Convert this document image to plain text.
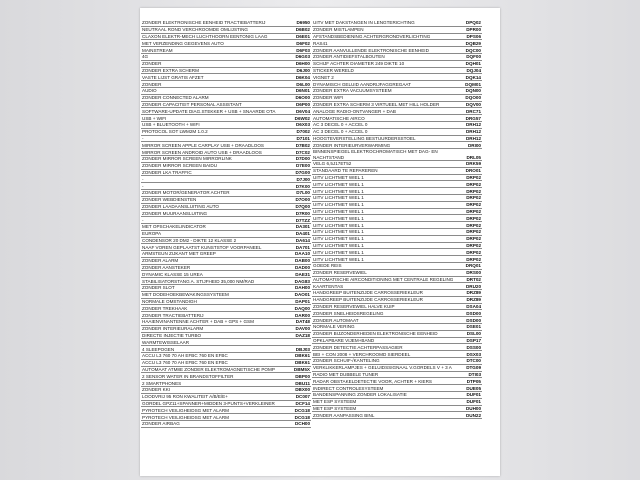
ZONDER ELEKTRONISCHE EENHEID TRACTIEBATTERIJ	D6950
NEUTRAAL ROND VERCHROOMDE OMLIJSTING	D6B02
CLAXON ELEKTR-MECH LUCHTHOORN EENTONIG LAAG	D6E01
MET VERZENDING GEGEVENS AUTO	D6F02
MAINSTREAM	D6F03
4G	D6G03
ZONDER	D6H00
ZONDER EXTRA SCHERM	D6J00
VASTE LIJST GRATIS AFZET	D6K04
ZONDER	D6L00
AUDIO	D6N01
ZONDER CONNECTED ALARM	D6O00
ZONDER CAPACITEIT PERSONAL ASSISTANT	D6P00
SOFTWARE-UPDATE DIAG.STEKKER + USB + SNAARDE OTA	D6V04
USB + WIFI	D6W02
USB + BLUETOOTH + WIFI	D6X03
PROTOCOL SOT LWM2M 1.0.2	D7002
-	D7101
MIRROR SCREEN APPLE CARPLAY USB + DRAADLOOS	D7B02
MIRROR SCREEN ANDROID AUTO USB + DRAADLOOS	D7C02
ZONDER MIRROR SCREEN MIRRORLINK	D7D00
ZONDER MIRROR SCREEN BAIDU	D7E00
ZONDER LKA TRAFFIC	D7G00
-	D7J00
-	D7K00
ZONDER MOTOR/GENERATOR ACHTER	D7L00
ZONDER WEBDIENSTEN	D7O00
ZONDER LAADAANSLUITING AUTO	D7Q00
ZONDER MUURAANSLUITING	D7R00
-	D7TZZ
MET OPSCHAKELINDICATOR	DA301
EUROPA	DA401
CONDENSOR 20 DM2 - DIKTE 12 KLASSE 2	DA614
NAAF VOREN GEPLAATST KUNSTSTOF VOORPANEEL	DA701
ARMSTEUN ZIJKANT MET GREEP	DAA10
ZONDER ALARM	DAB00
ZONDER AANSTEKER	DAD00
DYNAMIC KLASSE 15 UREA	DAE31
STABILISATORSTANG A. STIJFHEID 35,000 NM/RAD	DAG83
ZONDER SLOT	DAH00
MET DODEHOEKBEWAKINGSSYSTEEM	DAO01
NORMALE OMSTANDIGH	DAP01
ZONDER TREKHAAK	DAQ00
ZONDER TRACTIEBATTERIJ	DAR00
HAAIENVINANTENNE ACHTER + DAB + GPS + GSM	DAT48
ZONDER INTERIEURALARM	DAV00
DIRECTE INJECTIE TURBO	DAZ18
WARMTEWISSELAAR
4 SLEEPOGEN	DBJ03
ACCU L3 760 70 AH EFBC 760 EN EFBC	DBK61
ACCU L3 760 70 AH EFBC 760 EN EFBC	DBK61
AUTOMAAT ATM8E ZONDER ELEKTROMAGNETISCHE POMP	DBM5X
2 SENSOR WATER IN BRANDSTOFFILTER	DBP00
2 SMARTPHONES	DBU11
ZONDER KKI	DBX00
LOODVRIJ 95 RON KWALITEIT A/B/E/E+	DC007
GORDEL GPZ11+SPANNER+MIDDEN 3-PUNTS+VERKLEINER	DCF14
PYROTECH VEILIGHEIDSG MET ALARM	DCG18
PYROTECH VEILIGHEIDSG MET ALARM	DCG18
ZONDER AIRBAG	DCH00
UITV MET DAKSTANGEN IN LENGTERICHTING	DPQ02
ZONDER MISTLAMPEN	DPR00
AFSTANDSBEDIENING ACHTERGRONDVERLICHTING	DPS06
RAS41	DQB29
ZONDER AANVULLENDE ELEKTRONISCHE EENHEID	DQC00
ZONDER ANTIDIEFSTALBOUTEN	DQF00
SCHIJF ACHTER DIAMETER 249 DIKTE 10	DQH01
STICKER WERELD	DQJ04
VIGNET 2	DQK14
DYNAMISCH GELUID AANDRIJFAGGREGAAT	DQM01
ZONDER EXTRA VACUUMSYSTEEM	DQN00
ZONDER WIFI	DQO00
ZONDER EXTRA SCHERM 3 VIRTUEEL MET HILL HOLDER	DQV00
ANALOGE RADIO-ONTVANGER + DAB	DRC71
AUTOMATISCHE AIRCO	DRG57
AC 3 DECEL 0 + ACCEL 0	DRH12
AC 3 DECEL 0 + ACCEL 0	DRH12
HOOGTEVERSTELLING BESTUURDERSSTOEL	DRH12
ZONDER INTERIEURVERWARMING	DRI00
BINNENSPIEGEL ELEKTROCHROMATISCH MET DAG- EN NACHTSTAND	DRL05
VELG 6,5J17ET52	DRK59
STANDAARD TE REPAREREN	DRO01
UITV LICHTMET WIEL 1	DRP02
UITV LICHTMET WIEL 1	DRP02
UITV LICHTMET WIEL 1	DRP02
UITV LICHTMET WIEL 1	DRP02
UITV LICHTMET WIEL 1	DRP02
UITV LICHTMET WIEL 1	DRP02
UITV LICHTMET WIEL 1	DRP02
UITV LICHTMET WIEL 1	DRP02
UITV LICHTMET WIEL 1	DRP02
UITV LICHTMET WIEL 1	DRP02
UITV LICHTMET WIEL 1	DRP02
UITV LICHTMET WIEL 1	DRP02
UITV LICHTMET WIEL 1	DRP02
GOEDE REIS	DRQ01
ZONDER RESERVEWIEL	DRS00
AUTOMATISCHE AIRCONDITIONING MET CENTRALE REGELING	DRT02
KAARTENTAS	DRU20
HANDGREEP BUITENZIJDE CARROSSERIEKLEUR	DRZ89
HANDGREEP BUITENZIJDE CARROSSERIEKLEUR	DRZ89
ZONDER RESERVEWIEL HALVE KUIP	DSA04
ZONDER SNELHEIDSREGELING	DSD00
ZONDER AUTOMAAT	DSD00
NORMALE VERING	DSE01
ZONDER BIJZONDERHEDEN ELEKTRONISCHE EENHEID	DSL00
OPKLAPBARE VIJEM+BAND	DSP17
ZONDER DETECTIE ACHTERPASSAGIER	DSS00
BEI + CON 2008 + VERCHROOMD SIERDEEL	DSX03
ZONDER SCHUIF-/KANTELING	DTC00
VERKLIKKERLAMPJES + GELUIDSSIGNAAL V.GORDELS V + 3 A	DTG09
RADIO MET DUBBELE TUNER	DTI03
RADAR OBSTAKELDETECTIE VOOR, ACHTER + KIERS	DTP05
INDIRECT CONTROLESYSTEEM	DUE05
BANDENSPANNING ZONDER LOKALISATIE	DUF01
MET ESP SYSTEEM	DUF01
MET ESP SYSTEEM	DUH00
ZONDER AANPASSING BINL	DUN22
